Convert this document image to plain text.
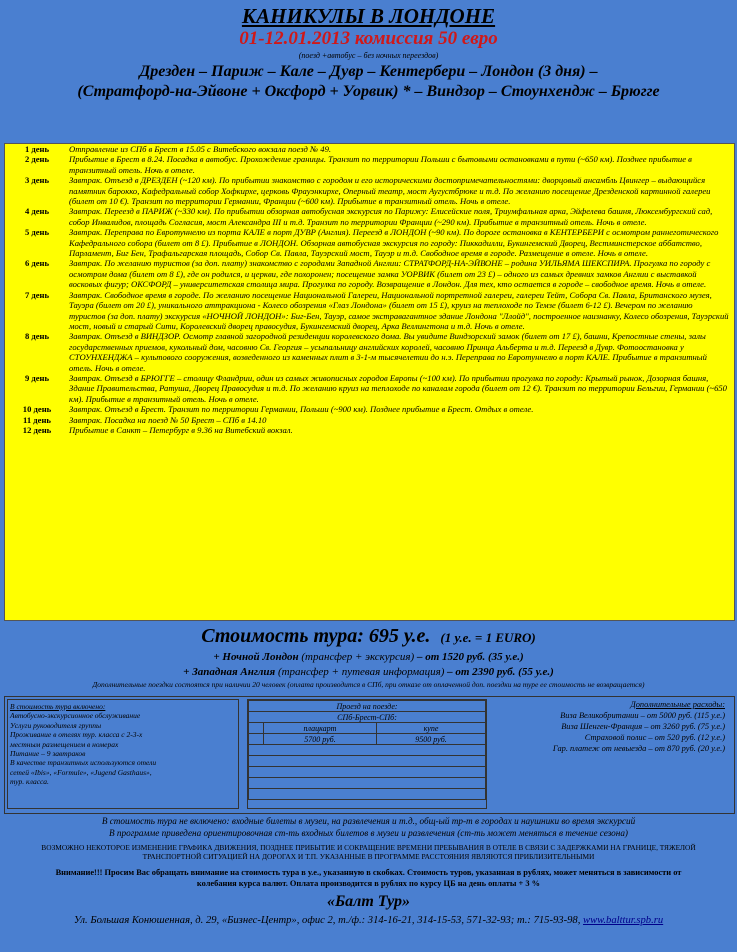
КАНИКУЛЫ В ЛОНДОНЕ
01-12.01.2013 комиссия 50 евро
(поезд +автобус – без ночных переездов)
Дрезден – Париж – Кале – Дувр – Кентербери – Лондон (3 дня) –
(Стратфорд-на-Эйвоне + Оксфорд + Уорвик) * – Виндзор – Стоунхендж – Брюгге
1 день	Отправление из СПб в Брест в 15.05 с Витебского вокзала поезд № 49.
2 день	Прибытие в Брест в 8.24. Посадка в автобус. Прохождение границы. Транзит по территории Польши с бытовыми остановками в пути (~650 км). Позднее прибытие в транзитный отель. Ночь в отеле.
3 день	Завтрак. Отъезд в ДРЕЗДЕН (~120 км). По прибытии знакомство с городом и его историческими достопримечательностями: дворцовый ансамбль Цвингер – выдающийся памятник барокко, Кафедральный собор Хофкирхе, церковь Фрауэнкирхе, Оперный театр, мост Аугустбрюке и т.д. По желанию посещение Дрезденской картинной галереи (билет от 10 €). Транзит по территории Германии, Франции (~600 км). Прибытие в транзитный отель. Ночь в отеле.
4 день	Завтрак. Переезд в ПАРИЖ (~330 км). По прибытии обзорная автобусная экскурсия по Парижу: Елисейские поля, Триумфальная арка, Эйфелева башня, Люксембургский сад, собор Инвалидов, площадь Согласия, мост Александра III и т.д. Транзит по территории Франции (~290 км). Прибытие в транзитный отель. Ночь в отеле.
5 день	Завтрак. Переправа по Евротуннелю из порта КАЛЕ в порт ДУВР (Англия). Переезд в ЛОНДОН (~90 км). По дороге остановка в КЕНТЕРБЕРИ с осмотром раннеготического Кафедрального собора (билет от 8 £). Прибытие в ЛОНДОН. Обзорная автобусная экскурсия по городу: Пиккадилли, Букингемский Дворец, Вестминстерское аббатство, Парламент, Биг Бен, Трафальгарская площадь, Собор Св. Павла, Тауэрский мост, Тауэр и т.д. Свободное время в городе. Размещение в отеле. Ночь в отеле.
6 день	Завтрак. По желанию туристов (за доп. плату) знакомство с городами Западной Англии: СТРАТФОРД-НА-ЭЙВОНЕ – родина УИЛЬЯМА ШЕКСПИРА. Прогулка по городу с осмотром дома (билет от 8 £), где он родился, и церкви, где похоронен; посещение замка УОРВИК (билет от 23 £) – одного из самых древних замков Англии с выставкой восковых фигур; ОКСФОРД – университетская столица мира. Прогулка по городу. Возвращение в Лондон. Для тех, кто остается в городе – свободное время. Ночь в отеле.
7 день	Завтрак. Свободное время в городе. По желанию посещение Национальной Галереи, Национальной портретной галереи, галереи Тейт, Собора Св. Павла, Британского музея, Тауэра (билет от 20 £), уникального аттракциона - Колесо обозрения «Глаз Лондона» (билет от 15 £), круиз на теплоходе по Темзе (билет 6-12 £). Вечером по желанию туристов (за доп. плату) экскурсия «НОЧНОЙ ЛОНДОН»: Биг-Бен, Тауэр, самое экстравагантное здание Лондона "Ллойд", построенное наизнанку, Колесо обозрения, Тауэрский мост, новый и старый Сити, Королевский дворец правосудия, Букингемский дворец, Арка Веллингтона и т.д. Ночь в отеле.
8 день	Завтрак. Отъезд в ВИНДЗОР. Осмотр главной загородной резиденции королевского дома. Вы увидите Виндзорский замок (билет от 17 £), башни, Крепостные стены, залы государственных приемов, кукольный дом, часовню Св. Георгия – усыпальницу английских королей, часовню Принца Альберта и т.д. Переезд в Дувр. Фотоостановка у СТОУНХЕНДЖА – культового сооружения, возведенного из каменных плит в 3-1-м тысячелетии до н.э. Переправа по Евротуннелю в порт КАЛЕ. Прибытие в транзитный отель. Ночь в отеле.
9 день	Завтрак. Отъезд в БРЮГГЕ – столицу Фландрии, один из самых живописных городов Европы (~100 км). По прибытии прогулка по городу: Крытый рынок, Дозорная башня, Здание Правительства, Ратуша, Дворец Правосудия и т.д. По желанию круиз на теплоходе по каналам города (билет от 12 €). Транзит по территории Бельгии, Германии (~650 км). Прибытие в транзитный отель. Ночь в отеле.
10 день	Завтрак. Отъезд в Брест. Транзит по территории Германии, Польши (~900 км). Позднее прибытие в Брест. Отдых в отеле.
11 день	Завтрак. Посадка на поезд № 50 Брест – СПб в 14.10
12 день	Прибытие в Санкт – Петербург в 9.36 на Витебский вокзал.
Стоимость тура: 695 у.е. (1 у.е. = 1 EURO)
+ Ночной Лондон (трансфер + экскурсия) – от 1520 руб. (35 у.е.)
+ Западная Англия (трансфер + путевая информация) – от 2390 руб. (55 у.е.)
Дополнительные поездки состоятся при наличии 20 человек (оплата производится в СПб, при отказе от оплаченной доп. поездки на туре ее стоимость не возвращается)
В стоимость тура включено:
Автобусно-экскурсионное обслуживание
Услуги руководителя группы
Проживание в отелях тур. класса с 2-3-х
местным размещением в номерах
Питание – 9 завтраков
В качестве транзитных используются отели
сетей «Ibis», «Formule», «Jugend Gasthaus»,
тур. класса.
Проезд на поезде:		
СПб-Брест-СПб:		
	плацкарт	купе
	5700 руб.	9500 руб.

Дополнительные расходы:
Виза Великобритании – от 5000 руб. (115 у.е.)
Виза Шенген-Франция – от 3260 руб. (75 у.е.)
Страховой полис – от 520 руб. (12 у.е.)
Гар. платеж от невыезда – от 870 руб. (20 у.е.)
В стоимость тура не включено: входные билеты в музеи, на развлечения и т.д., общ-ый тр-т в городах и наушники во время экскурсий
В программе приведена ориентировочная ст-ть входных билетов в музеи и развлечения (ст-ть может меняться в течение сезона)
ВОЗМОЖНО НЕКОТОРОЕ ИЗМЕНЕНИЕ ГРАФИКА ДВИЖЕНИЯ, ПОЗДНЕЕ ПРИБЫТИЕ И СОКРАЩЕНИЕ ВРЕМЕНИ ПРЕБЫВАНИЯ В ОТЕЛЕ В СВЯЗИ С ЗАДЕРЖКАМИ НА ГРАНИЦЕ, ТЯЖЕЛОЙ ТРАНСПОРТНОЙ СИТУАЦИЕЙ НА ДОРОГАХ И Т.П. УКАЗАННЫЕ В ПРОГРАММЕ РАССТОЯНИЯ ЯВЛЯЮТСЯ ПРИБЛИЗИТЕЛЬНЫМИ
Внимание!!! Просим Вас обращать внимание на стоимость тура в у.е., указанную в скобках. Стоимость туров, указанная в рублях, может меняться в зависимости от колебания курса валют. Оплата производится в рублях по курсу ЦБ на день оплаты + 3 %
«Балт Тур»
Ул. Большая Конюшенная, д. 29, «Бизнес-Центр», офис 2, т./ф.: 314-16-21, 314-15-53, 571-32-93; т.: 715-93-98, www.balttur.spb.ru
